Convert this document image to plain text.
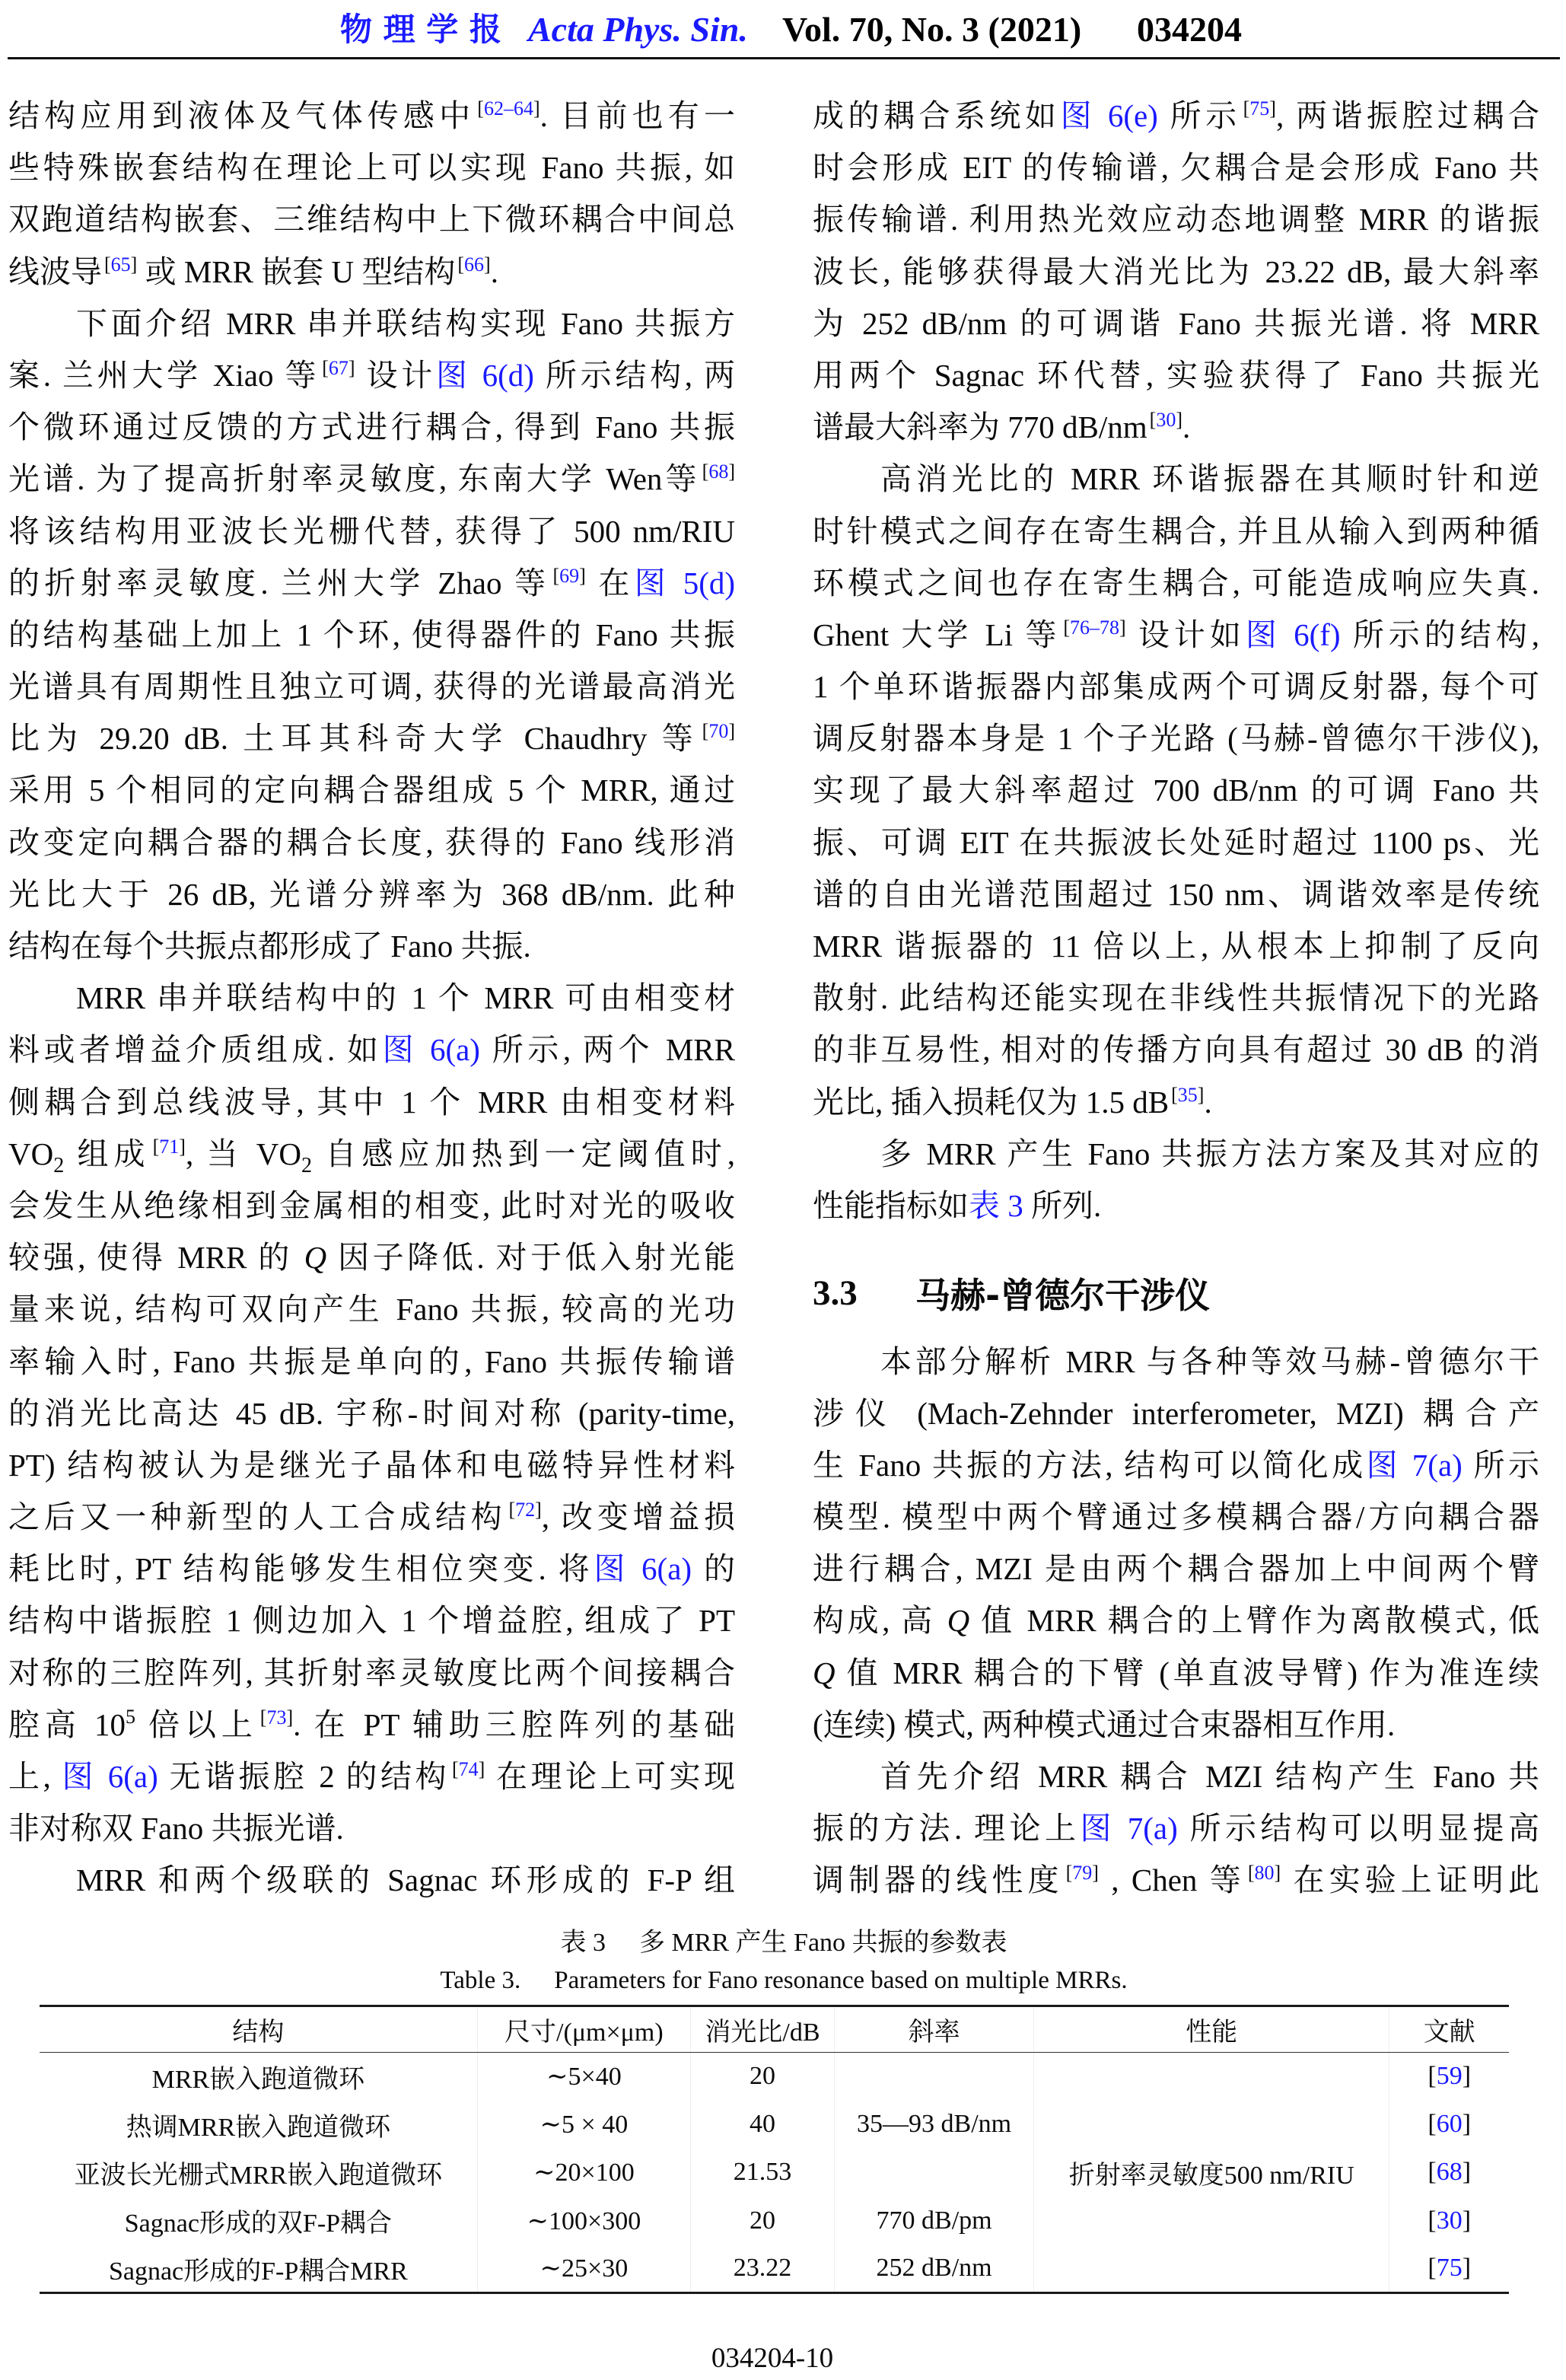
物 理 学 报 Acta Phys. Sin. Vol. 70, No. 3 (2021) 034204
结构应用到液体及气体传感中 [62–64]. 目前也有一
些特殊嵌套结构在理论上可以实现 Fano 共振, 如
双跑道结构嵌套、三维结构中上下微环耦合中间总
线波导 [65] 或 MRR 嵌套 U 型结构 [66].
下面介绍 MRR 串并联结构实现 Fano 共振方
案. 兰州大学 Xiao 等 [67] 设计图 6(d) 所示结构, 两
个微环通过反馈的方式进行耦合, 得到 Fano 共振
光谱. 为了提高折射率灵敏度, 东南大学 Wen等 [68]
将该结构用亚波长光栅代替, 获得了 500 nm/RIU
的折射率灵敏度. 兰州大学 Zhao 等 [69] 在图 5(d)
的结构基础上加上 1 个环, 使得器件的 Fano 共振
光谱具有周期性且独立可调, 获得的光谱最高消光
比为 29.20 dB. 土耳其科奇大学 Chaudhry 等 [70]
采用 5 个相同的定向耦合器组成 5 个 MRR, 通过
改变定向耦合器的耦合长度, 获得的 Fano 线形消
光比大于 26 dB, 光谱分辨率为 368 dB/nm. 此种
结构在每个共振点都形成了 Fano 共振.
MRR 串并联结构中的 1 个 MRR 可由相变材
料或者增益介质组成. 如图 6(a) 所示, 两个 MRR
侧耦合到总线波导, 其中 1 个 MRR 由相变材料
$VO_2$ 组成 [71], 当 $VO_2$ 自感应加热到一定阈值时,
会发生从绝缘相到金属相的相变, 此时对光的吸收
较强, 使得 MRR 的 Q 因子降低. 对于低入射光能
量来说, 结构可双向产生 Fano 共振, 较高的光功
率输入时, Fano 共振是单向的, Fano 共振传输谱
的消光比高达 45 dB. 宇称-时间对称 (parity-time,
PT) 结构被认为是继光子晶体和电磁特异性材料
之后又一种新型的人工合成结构 [72], 改变增益损
耗比时, PT 结构能够发生相位突变. 将图 6(a) 的
结构中谐振腔 1 侧边加入 1 个增益腔, 组成了 PT
对称的三腔阵列, 其折射率灵敏度比两个间接耦合
腔高 $10^5$ 倍以上 [73]. 在 PT 辅助三腔阵列的基础
上, 图 6(a) 无谐振腔 2 的结构 [74] 在理论上可实现
非对称双 Fano 共振光谱.
MRR 和两个级联的 Sagnac 环形成的 F-P 组
成的耦合系统如图 6(e) 所示 [75], 两谐振腔过耦合
时会形成 EIT 的传输谱, 欠耦合是会形成 Fano 共
振传输谱. 利用热光效应动态地调整 MRR 的谐振
波长, 能够获得最大消光比为 23.22 dB, 最大斜率
为 252 dB/nm 的可调谐 Fano 共振光谱. 将 MRR
用两个 Sagnac 环代替, 实验获得了 Fano 共振光
谱最大斜率为 770 dB/nm [30].
高消光比的 MRR 环谐振器在其顺时针和逆
时针模式之间存在寄生耦合, 并且从输入到两种循
环模式之间也存在寄生耦合, 可能造成响应失真.
Ghent 大学 Li 等 [76–78] 设计如图 6(f) 所示的结构,
1 个单环谐振器内部集成两个可调反射器, 每个可
调反射器本身是 1 个子光路 (马赫-曾德尔干涉仪),
实现了最大斜率超过 700 dB/nm 的可调 Fano 共
振、可调 EIT 在共振波长处延时超过 1100 ps、光
谱的自由光谱范围超过 150 nm、调谐效率是传统
MRR 谐振器的 11 倍以上, 从根本上抑制了反向
散射. 此结构还能实现在非线性共振情况下的光路
的非互易性, 相对的传播方向具有超过 30 dB 的消
光比, 插入损耗仅为 1.5 dB [35].
多 MRR 产生 Fano 共振方法方案及其对应的
性能指标如表 3 所列.
3.3	马赫-曾德尔干涉仪
本部分解析 MRR 与各种等效马赫-曾德尔干
涉仪 (Mach-Zehnder interferometer, MZI) 耦合产
生 Fano 共振的方法, 结构可以简化成图 7(a) 所示
模型. 模型中两个臂通过多模耦合器/方向耦合器
进行耦合, MZI 是由两个耦合器加上中间两个臂
构成, 高 Q 值 MRR 耦合的上臂作为离散模式, 低
Q 值 MRR 耦合的下臂 (单直波导臂) 作为准连续
(连续) 模式, 两种模式通过合束器相互作用.
首先介绍 MRR 耦合 MZI 结构产生 Fano 共
振的方法. 理论上图 7(a) 所示结构可以明显提高
调制器的线性度 [79] , Chen 等 [80] 在实验上证明此
表 3 多 MRR 产生 Fano 共振的参数表
Table 3. Parameters for Fano resonance based on multiple MRRs.
结构	尺寸/(μm×μm)	消光比/dB	斜率	性能	文献
MRR嵌入跑道微环	∼5×40	20			[59]
热调MRR嵌入跑道微环	∼5 × 40	40	35—93 dB/nm		[60]
亚波长光栅式MRR嵌入跑道微环	∼20×100	21.53		折射率灵敏度500 nm/RIU	[68]
Sagnac形成的双F-P耦合	∼100×300	20	770 dB/pm		[30]
Sagnac形成的F-P耦合MRR	∼25×30	23.22	252 dB/nm		[75]
034204-10
